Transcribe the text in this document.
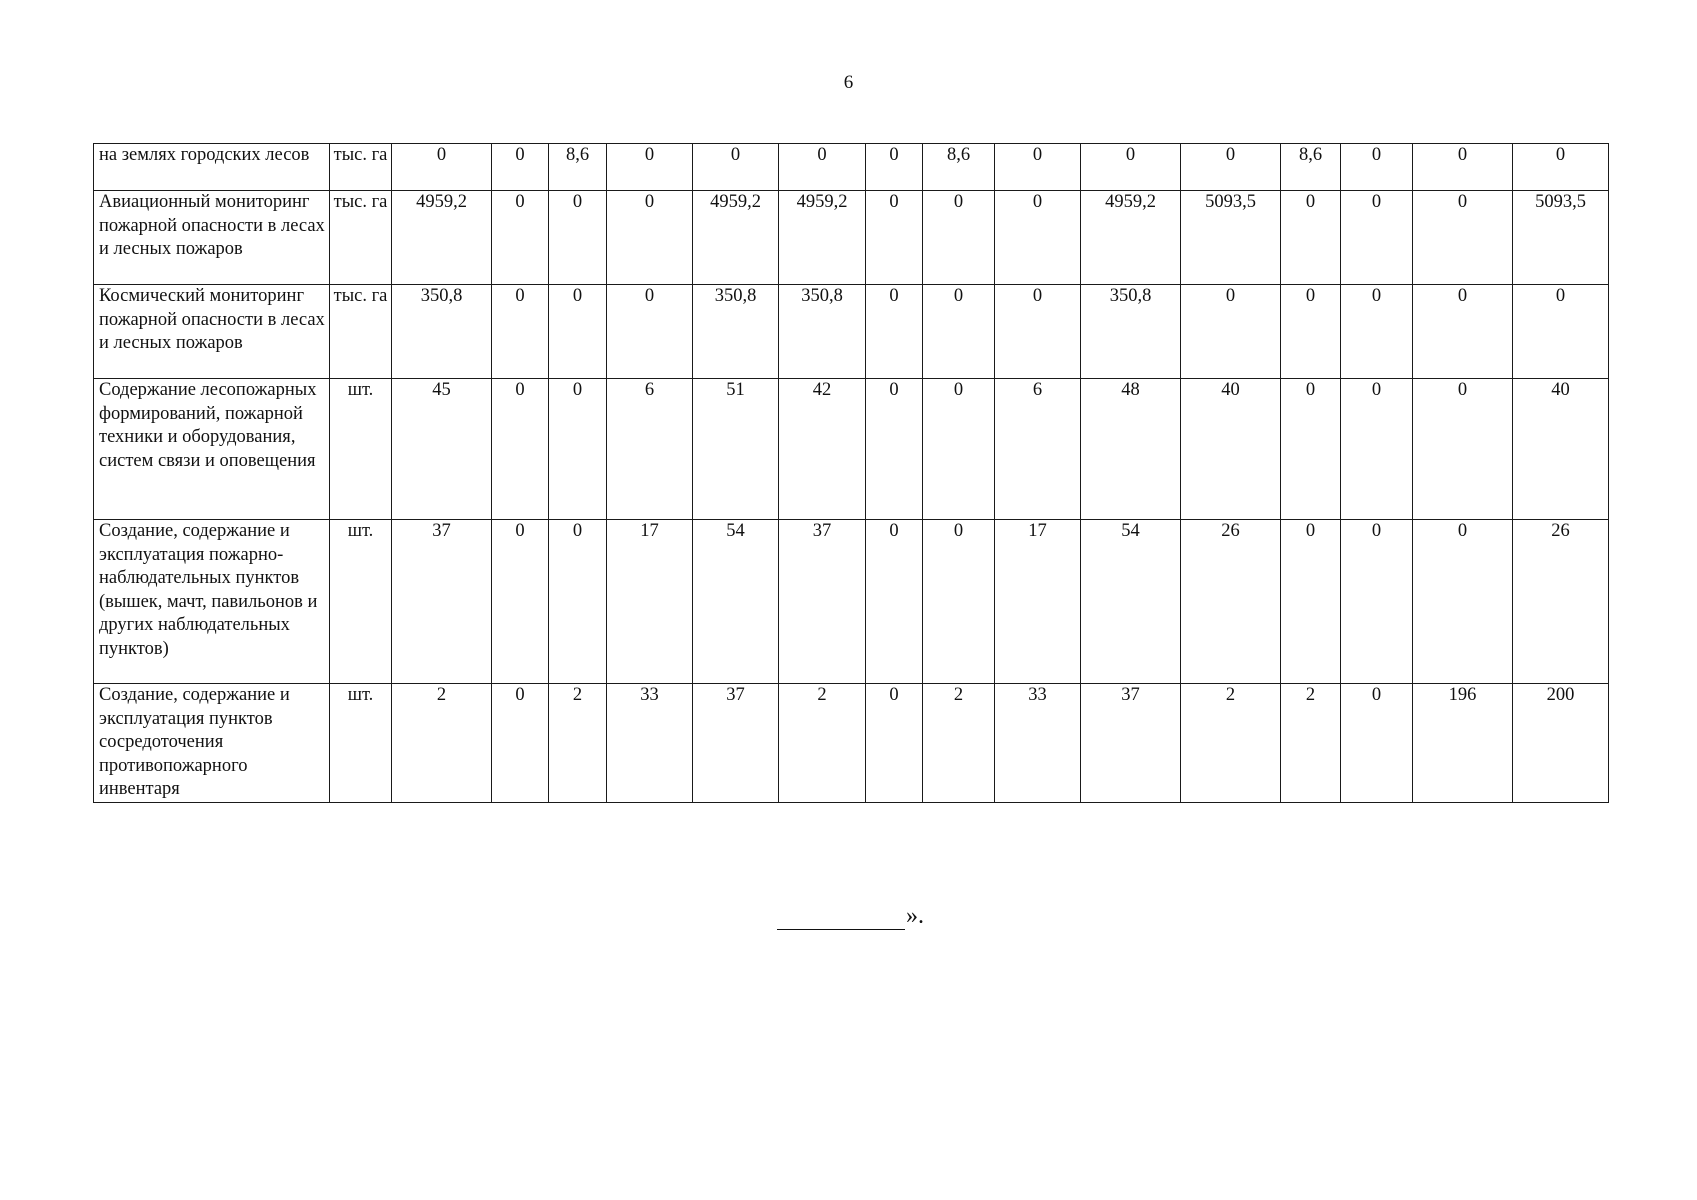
6
на землях городских лесов	тыс. га	0	0	8,6	0	0	0	0	8,6	0	0	0	8,6	0	0	0
Авиационный мониторинг пожарной опасности в лесах и лесных пожаров	тыс. га	4959,2	0	0	0	4959,2	4959,2	0	0	0	4959,2	5093,5	0	0	0	5093,5
Космический мониторинг пожарной опасности в лесах и лесных пожаров	тыс. га	350,8	0	0	0	350,8	350,8	0	0	0	350,8	0	0	0	0	0
Содержание лесопожарных формирований, пожарной техники и оборудования, систем связи и оповещения	шт.	45	0	0	6	51	42	0	0	6	48	40	0	0	0	40
Создание, содержание и эксплуатация пожарно-наблюдательных пунктов (вышек, мачт, павильонов и других наблюдательных пунктов)	шт.	37	0	0	17	54	37	0	0	17	54	26	0	0	0	26
Создание, содержание и эксплуатация пунктов сосредоточения противопожарного инвентаря	шт.	2	0	2	33	37	2	0	2	33	37	2	2	0	196	200
».
